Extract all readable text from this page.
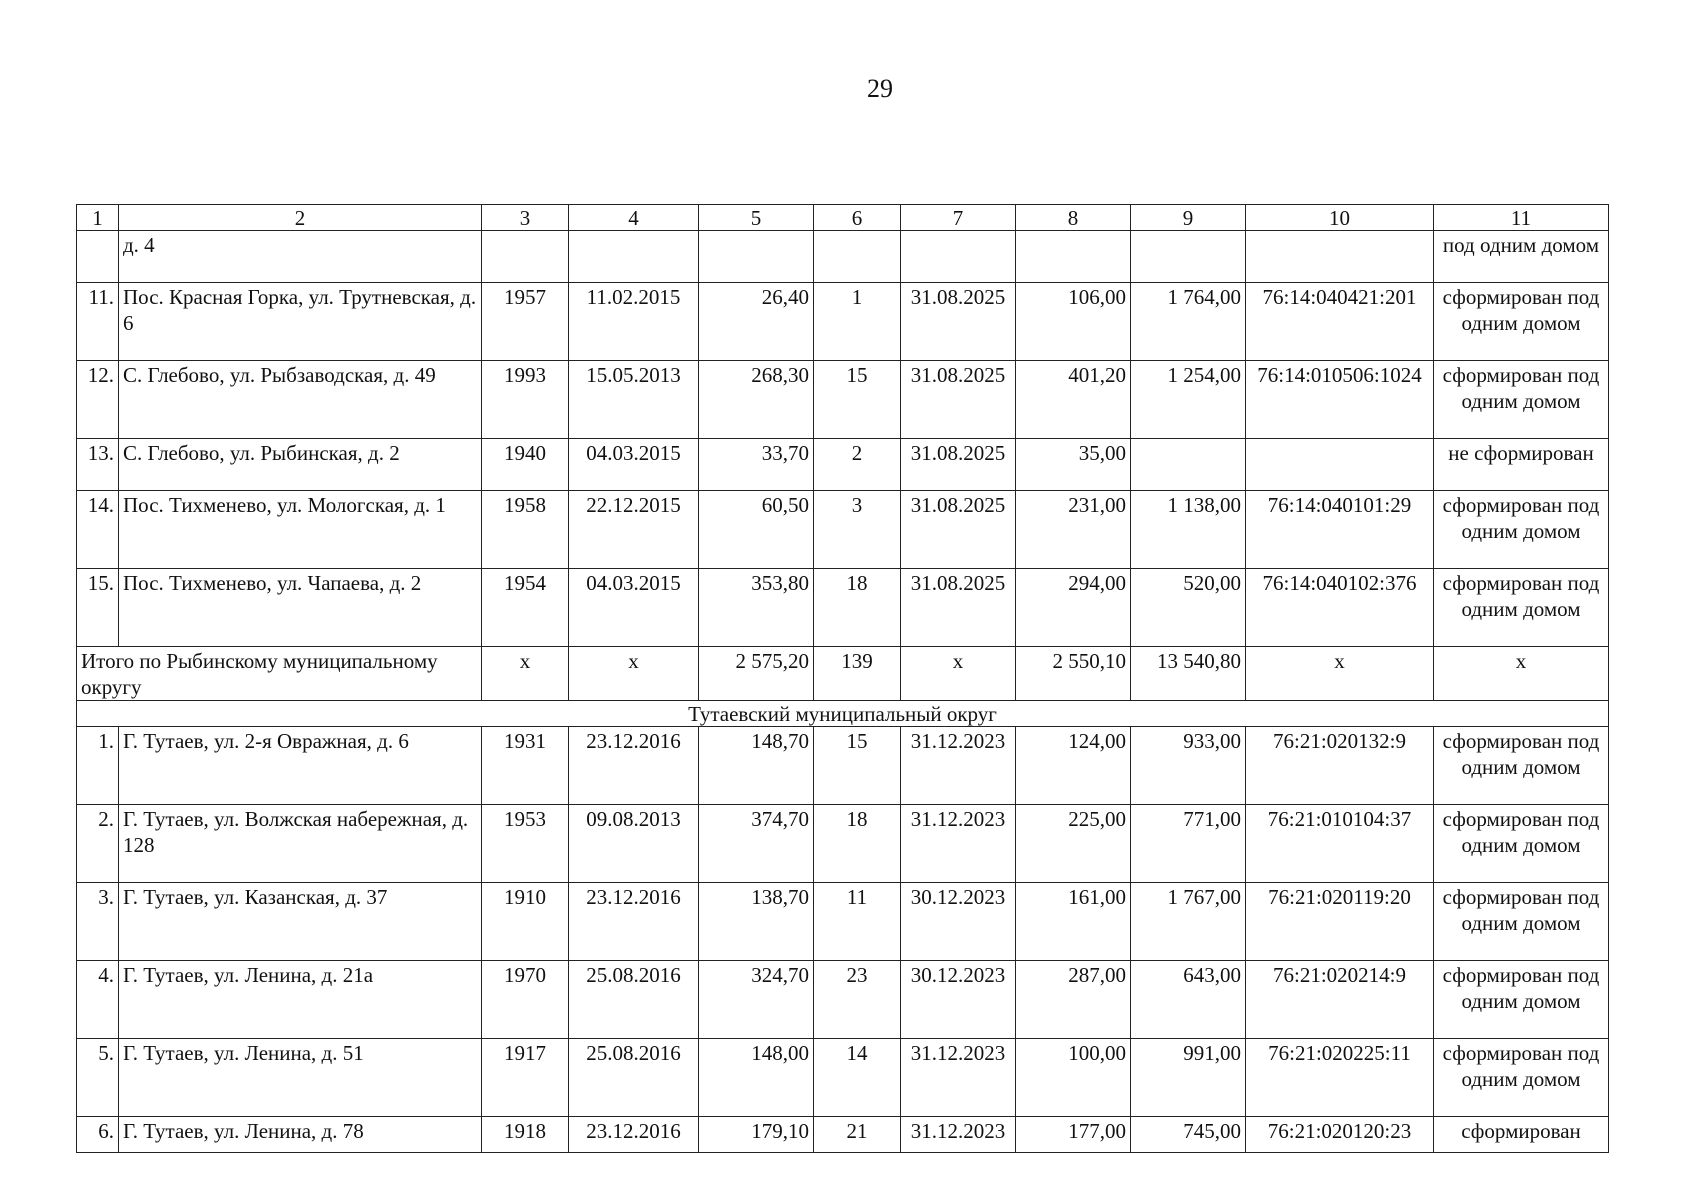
29
1	2	3	4	5	6	7	8	9	10	11
	д. 4									под одним домом
11.	Пос. Красная Горка, ул. Трутневская, д. 6	1957	11.02.2015	26,40	1	31.08.2025	106,00	1 764,00	76:14:040421:201	сформирован под одним домом
12.	С. Глебово, ул. Рыбзаводская, д. 49	1993	15.05.2013	268,30	15	31.08.2025	401,20	1 254,00	76:14:010506:1024	сформирован под одним домом
13.	С. Глебово, ул. Рыбинская, д. 2	1940	04.03.2015	33,70	2	31.08.2025	35,00			не сформирован
14.	Пос. Тихменево, ул. Мологская, д. 1	1958	22.12.2015	60,50	3	31.08.2025	231,00	1 138,00	76:14:040101:29	сформирован под одним домом
15.	Пос. Тихменево, ул. Чапаева, д. 2	1954	04.03.2015	353,80	18	31.08.2025	294,00	520,00	76:14:040102:376	сформирован под одним домом
Итого по Рыбинскому муниципальному округу		х	х	2 575,20	139	х	2 550,10	13 540,80	х	х
Тутаевский муниципальный округ										
1.	Г. Тутаев, ул. 2-я Овражная, д. 6	1931	23.12.2016	148,70	15	31.12.2023	124,00	933,00	76:21:020132:9	сформирован под одним домом
2.	Г. Тутаев, ул. Волжская набережная, д. 128	1953	09.08.2013	374,70	18	31.12.2023	225,00	771,00	76:21:010104:37	сформирован под одним домом
3.	Г. Тутаев, ул. Казанская, д. 37	1910	23.12.2016	138,70	11	30.12.2023	161,00	1 767,00	76:21:020119:20	сформирован под одним домом
4.	Г. Тутаев, ул. Ленина, д. 21а	1970	25.08.2016	324,70	23	30.12.2023	287,00	643,00	76:21:020214:9	сформирован под одним домом
5.	Г. Тутаев, ул. Ленина, д. 51	1917	25.08.2016	148,00	14	31.12.2023	100,00	991,00	76:21:020225:11	сформирован под одним домом
6.	Г. Тутаев, ул. Ленина, д. 78	1918	23.12.2016	179,10	21	31.12.2023	177,00	745,00	76:21:020120:23	сформирован
